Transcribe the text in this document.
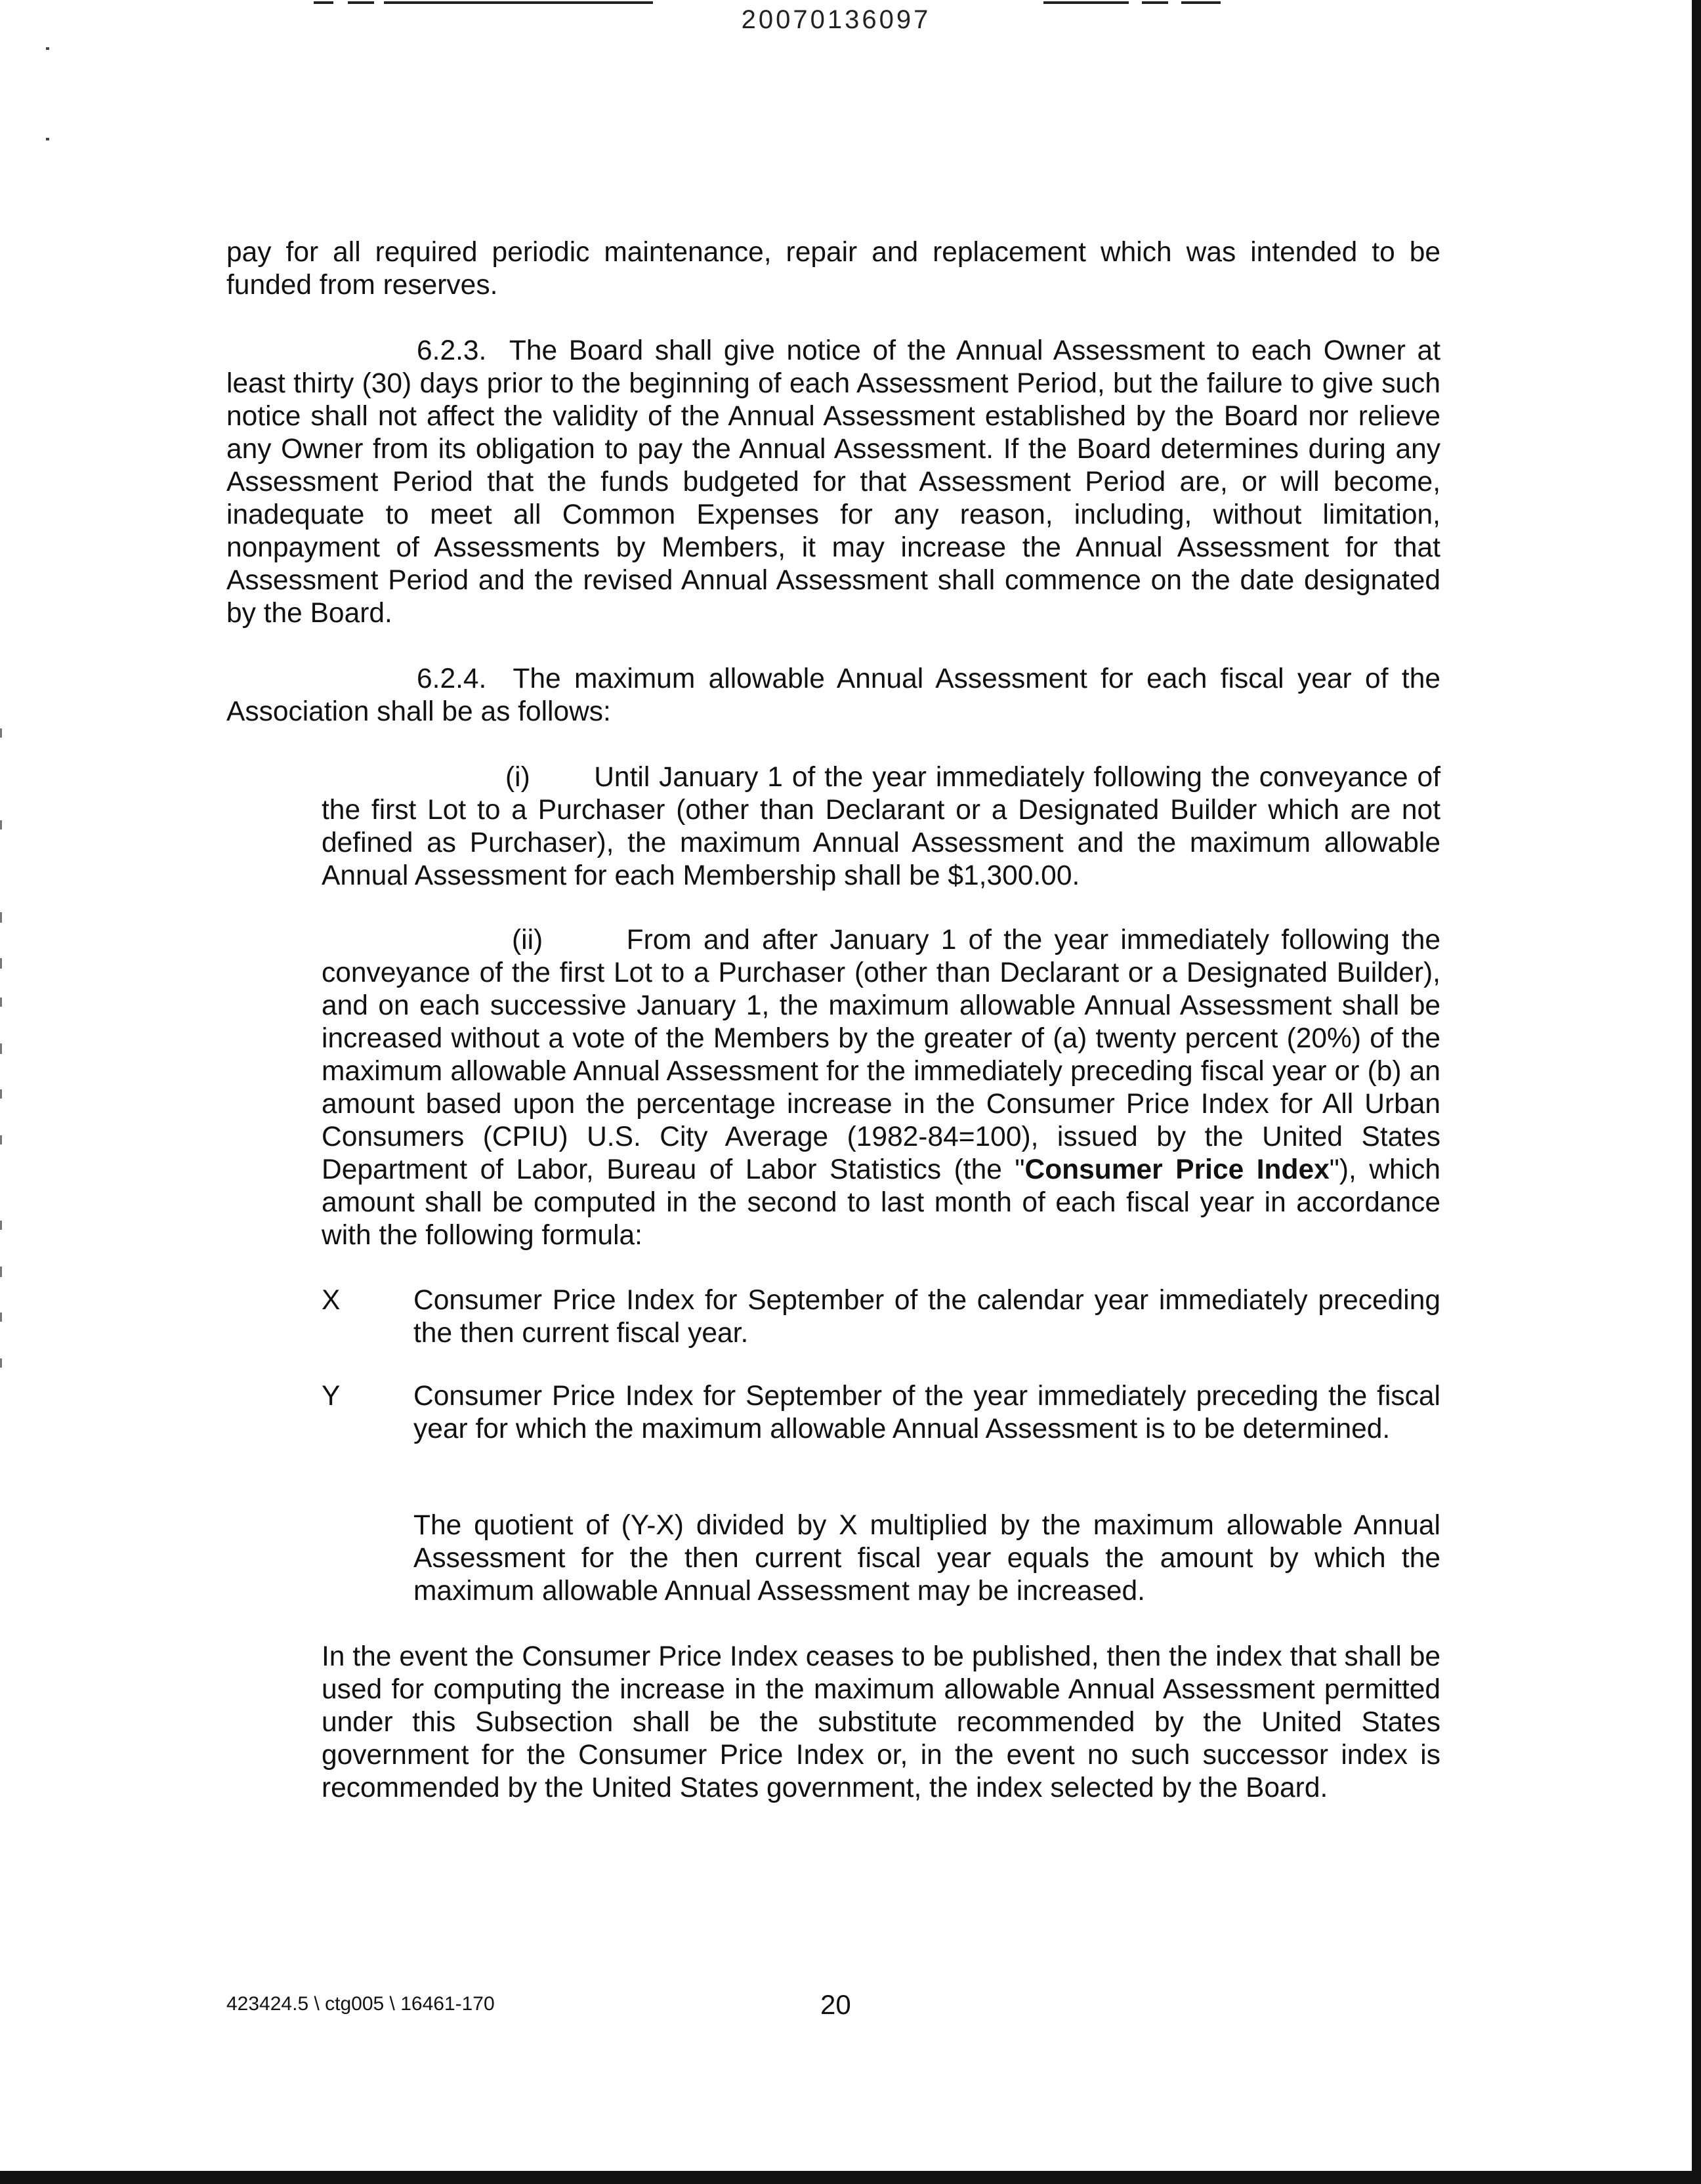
20070136097

pay for all required periodic maintenance, repair and replacement which was intended to be funded from reserves.

6.2.3. The Board shall give notice of the Annual Assessment to each Owner at least thirty (30) days prior to the beginning of each Assessment Period, but the failure to give such notice shall not affect the validity of the Annual Assessment established by the Board nor relieve any Owner from its obligation to pay the Annual Assessment. If the Board determines during any Assessment Period that the funds budgeted for that Assessment Period are, or will become, inadequate to meet all Common Expenses for any reason, including, without limitation, nonpayment of Assessments by Members, it may increase the Annual Assessment for that Assessment Period and the revised Annual Assessment shall commence on the date designated by the Board.

6.2.4. The maximum allowable Annual Assessment for each fiscal year of the Association shall be as follows:

(i) Until January 1 of the year immediately following the conveyance of the first Lot to a Purchaser (other than Declarant or a Designated Builder which are not defined as Purchaser), the maximum Annual Assessment and the maximum allowable Annual Assessment for each Membership shall be $1,300.00.

(ii)	From and after January 1 of the year immediately following the conveyance of the first Lot to a Purchaser (other than Declarant or a Designated Builder), and on each successive January 1, the maximum allowable Annual Assessment shall be increased without a vote of the Members by the greater of (a) twenty percent (20%) of the maximum allowable Annual Assessment for the immediately preceding fiscal year or (b) an amount based upon the percentage increase in the Consumer Price Index for All Urban Consumers (CPIU) U.S. City Average (1982-84=100), issued by the United States Department of Labor, Bureau of Labor Statistics (the "Consumer Price Index"), which amount shall be computed in the second to last month of each fiscal year in accordance with the following formula:

X	Consumer Price Index for September of the calendar year immediately preceding the then current fiscal year.

Y	Consumer Price Index for September of the year immediately preceding the fiscal year for which the maximum allowable Annual Assessment is to be determined.

The quotient of (Y-X) divided by X multiplied by the maximum allowable Annual Assessment for the then current fiscal year equals the amount by which the maximum allowable Annual Assessment may be increased.

In the event the Consumer Price Index ceases to be published, then the index that shall be used for computing the increase in the maximum allowable Annual Assessment permitted under this Subsection shall be the substitute recommended by the United States government for the Consumer Price Index or, in the event no such successor index is recommended by the United States government, the index selected by the Board.

423424.5 \ ctg005 \ 16461-170	20
